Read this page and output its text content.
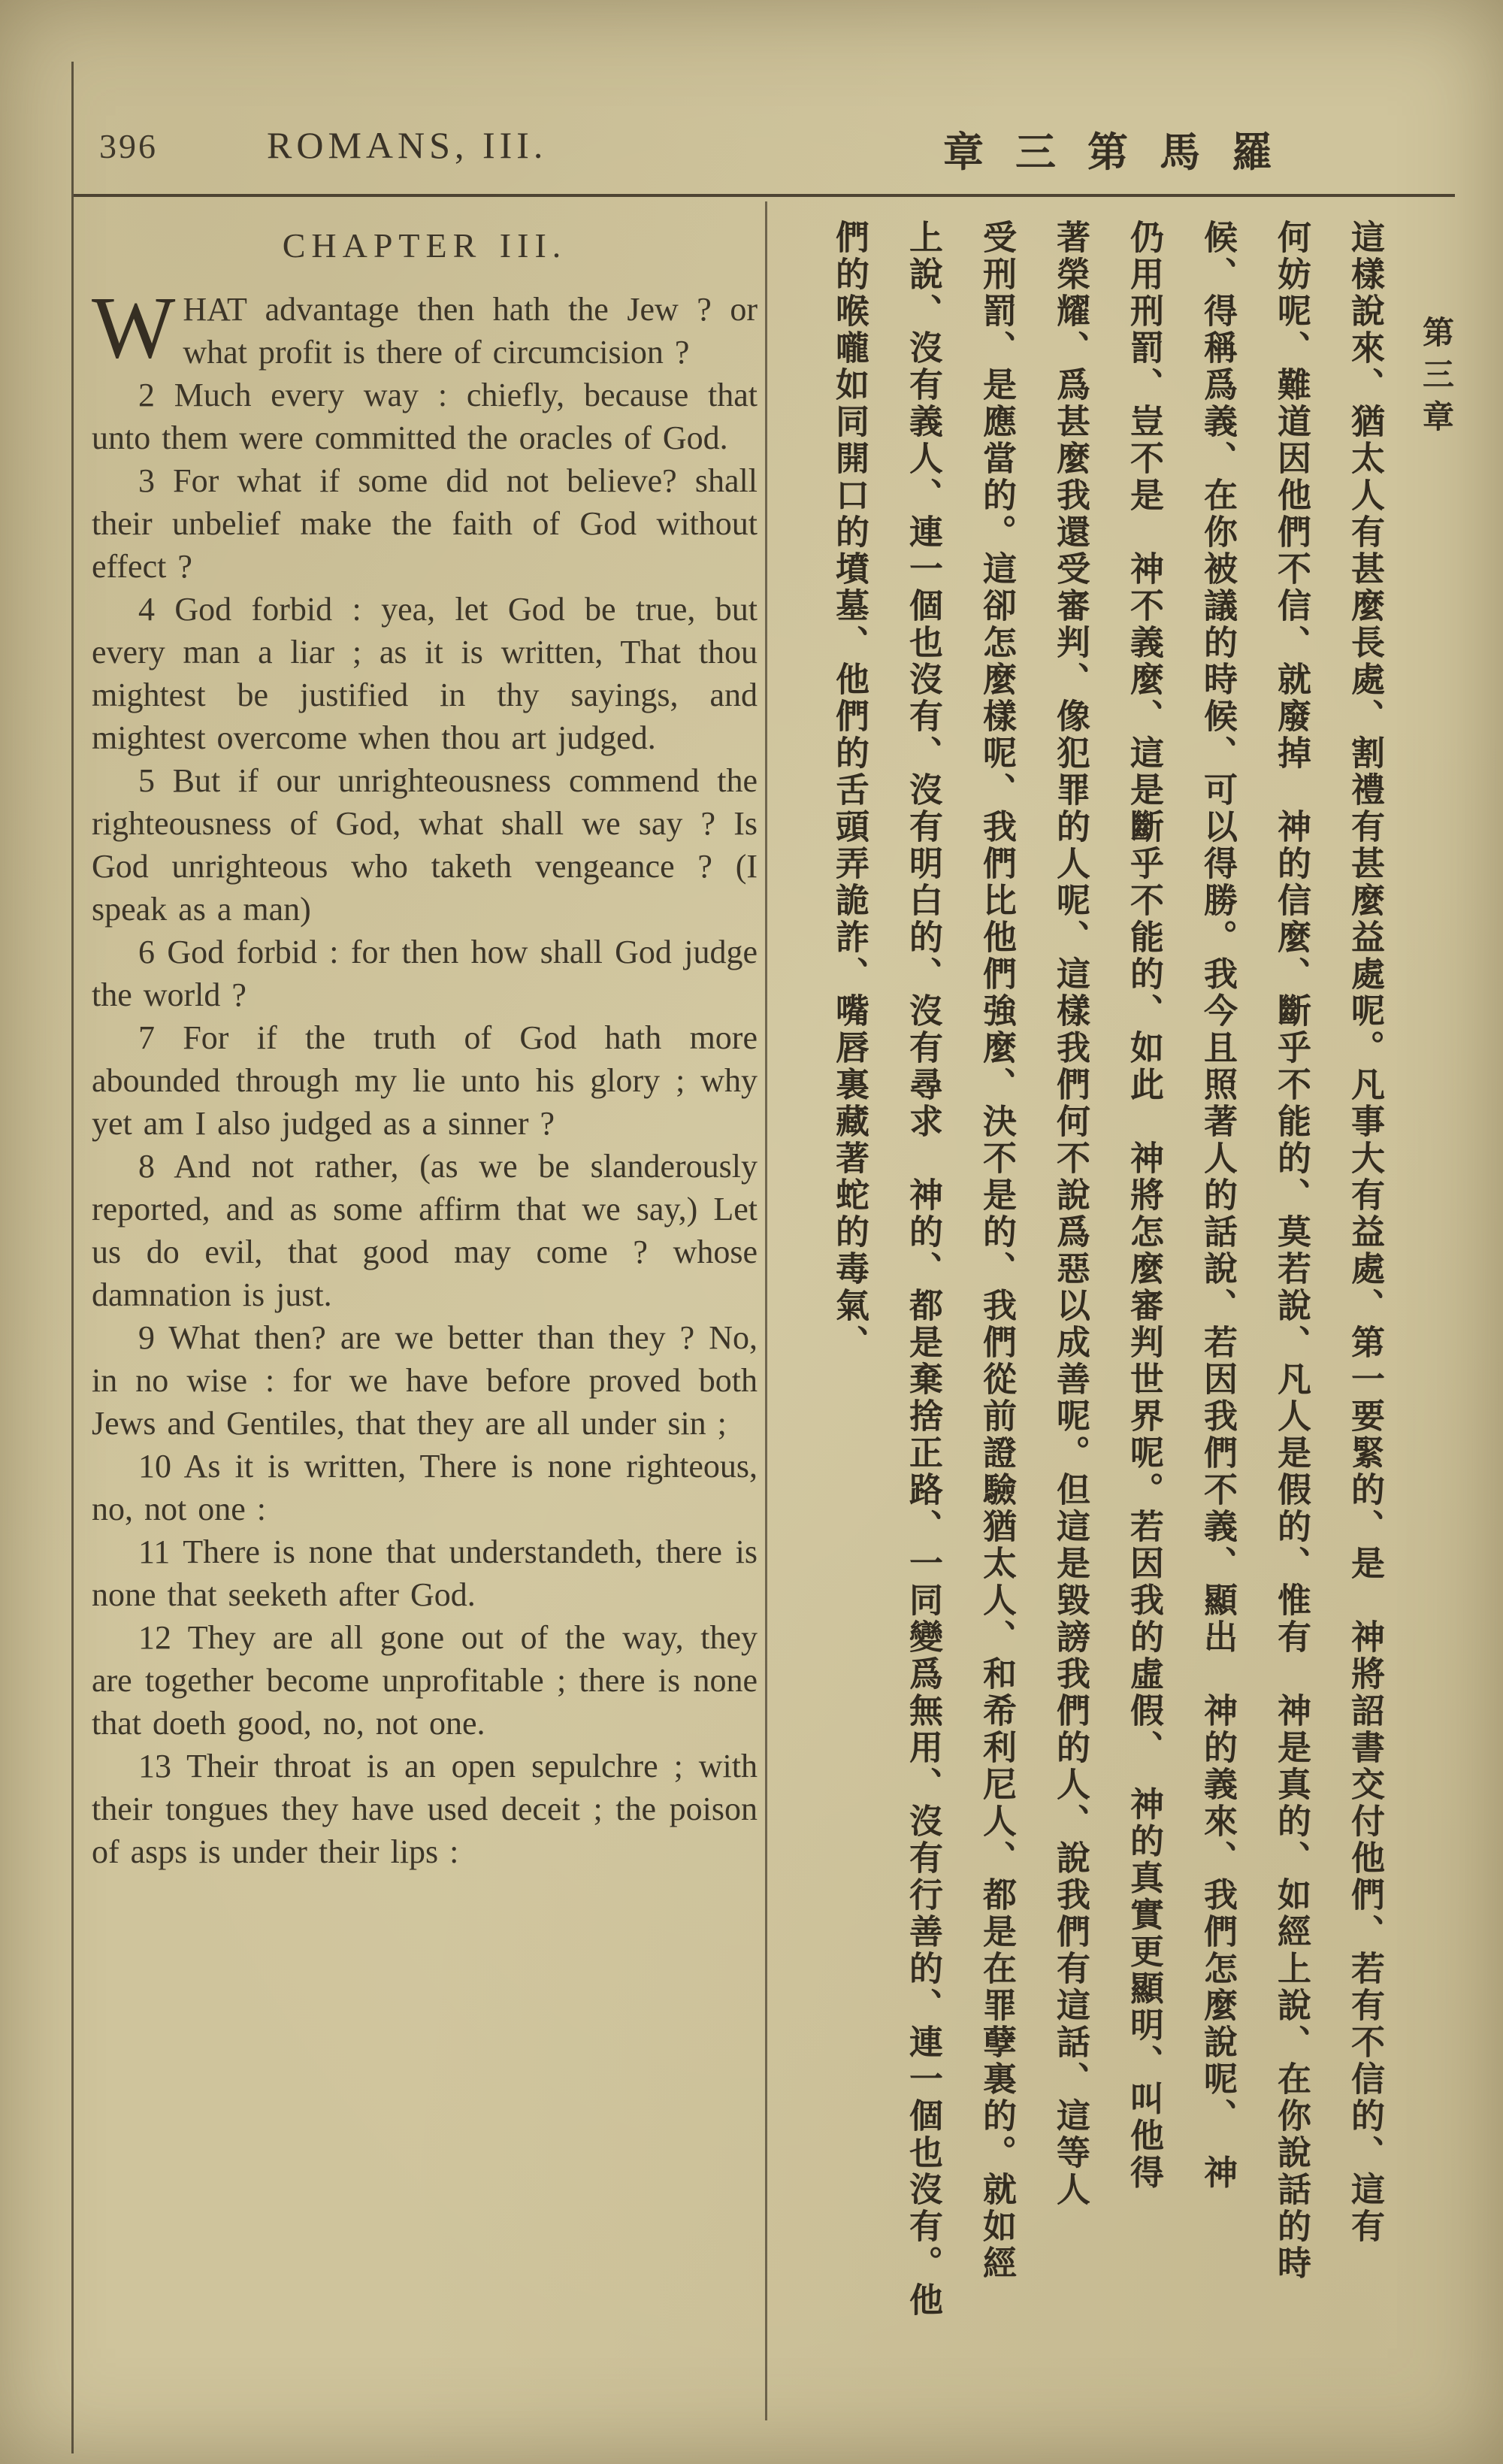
396	ROMANS, III.	章三第馬羅
CHAPTER III.

WHAT advantage then hath the Jew ? or what profit is there of circumcision ?

2 Much every way : chiefly, because that unto them were committed the oracles of God.

3 For what if some did not believe? shall their unbelief make the faith of God without effect ?

4 God forbid : yea, let God be true, but every man a liar ; as it is written, That thou mightest be justified in thy sayings, and mightest overcome when thou art judged.

5 But if our unrighteousness commend the righteousness of God, what shall we say ? Is God unrighteous who taketh vengeance ? (I speak as a man)

6 God forbid : for then how shall God judge the world ?

7 For if the truth of God hath more abounded through my lie unto his glory ; why yet am I also judged as a sinner ?

8 And not rather, (as we be slanderously reported, and as some affirm that we say,) Let us do evil, that good may come ? whose damnation is just.

9 What then? are we better than they ? No, in no wise : for we have before proved both Jews and Gentiles, that they are all under sin ;

10 As it is written, There is none righteous, no, not one :

11 There is none that understandeth, there is none that seeketh after God.

12 They are all gone out of the way, they are together become unprofitable ; there is none that doeth good, no, not one.

13 Their throat is an open sepulchre ; with their tongues they have used deceit ; the poison of asps is under their lips :

第三章
這樣說來、猶太人有甚麼長處、割禮有甚麼益處呢。凡事大有益處、第一要緊的、是　神將詔書交付他們、若有不信的、這有
何妨呢、難道因他們不信、就廢掉　神的信麼、斷乎不能的、莫若說、凡人是假的、惟有　神是真的、如經上說、在你說話的時
候、得稱爲義、在你被議的時候、可以得勝。我今且照著人的話說、若因我們不義、顯出　神的義來、我們怎麼說呢、　神
仍用刑罰、豈不是　神不義麼、這是斷乎不能的、如此　神將怎麼審判世界呢。若因我的虛假、　神的真實更顯明、叫他得
著榮耀、爲甚麼我還受審判、像犯罪的人呢、這樣我們何不說爲惡以成善呢。但這是毀謗我們的人、說我們有這話、這等人
受刑罰、是應當的。這卻怎麼樣呢、我們比他們強麼、決不是的、我們從前證驗猶太人、和希利尼人、都是在罪孽裏的。就如經
上說、沒有義人、連一個也沒有、沒有明白的、沒有尋求　神的、都是棄捨正路、一同變爲無用、沒有行善的、連一個也沒有。他
們的喉嚨如同開口的墳墓、他們的舌頭弄詭詐、嘴唇裏藏著蛇的毒氣、
